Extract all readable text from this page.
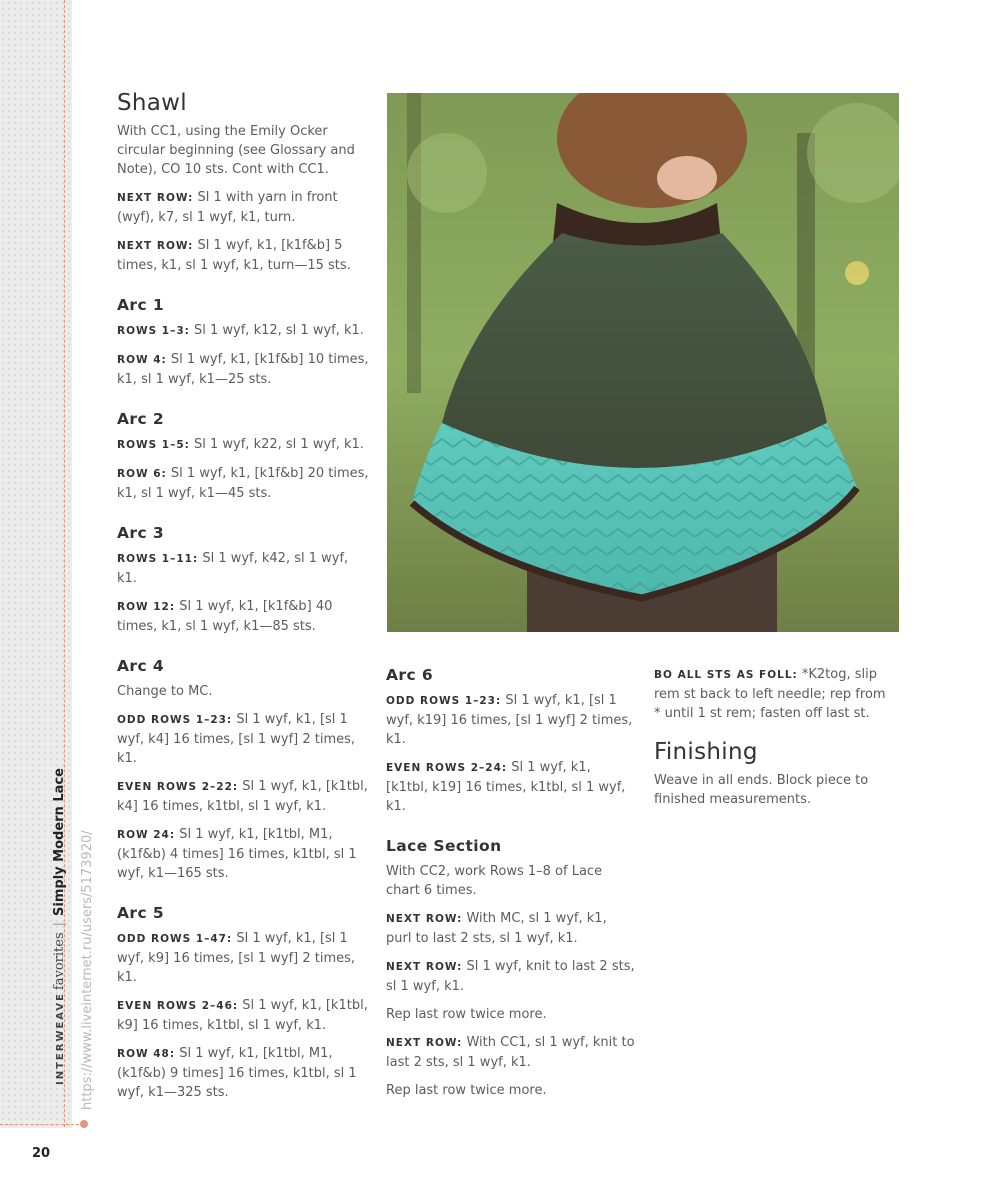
INTERWEAVEfavorites|Simply Modern Lace https://www.liveinternet.ru/users/5173920/
20
Shawl

With CC1, using the Emily Ocker circular beginning (see Glossary and Note), CO 10 sts. Cont with CC1.

NEXT ROW: Sl 1 with yarn in front (wyf), k7, sl 1 wyf, k1, turn.

NEXT ROW: Sl 1 wyf, k1, [k1f&b] 5 times, k1, sl 1 wyf, k1, turn—15 sts.

Arc 1

ROWS 1–3: Sl 1 wyf, k12, sl 1 wyf, k1.

ROW 4: Sl 1 wyf, k1, [k1f&b] 10 times, k1, sl 1 wyf, k1—25 sts.

Arc 2

ROWS 1–5: Sl 1 wyf, k22, sl 1 wyf, k1.

ROW 6: Sl 1 wyf, k1, [k1f&b] 20 times, k1, sl 1 wyf, k1—45 sts.

Arc 3

ROWS 1–11: Sl 1 wyf, k42, sl 1 wyf, k1.

ROW 12: Sl 1 wyf, k1, [k1f&b] 40 times, k1, sl 1 wyf, k1—85 sts.

Arc 4

Change to MC.

ODD ROWS 1–23: Sl 1 wyf, k1, [sl 1 wyf, k4] 16 times, [sl 1 wyf] 2 times, k1.

EVEN ROWS 2–22: Sl 1 wyf, k1, [k1tbl, k4] 16 times, k1tbl, sl 1 wyf, k1.

ROW 24: Sl 1 wyf, k1, [k1tbl, M1, (k1f&b) 4 times] 16 times, k1tbl, sl 1 wyf, k1—165 sts.

Arc 5

ODD ROWS 1–47: Sl 1 wyf, k1, [sl 1 wyf, k9] 16 times, [sl 1 wyf] 2 times, k1.

EVEN ROWS 2–46: Sl 1 wyf, k1, [k1tbl, k9] 16 times, k1tbl, sl 1 wyf, k1.

ROW 48: Sl 1 wyf, k1, [k1tbl, M1, (k1f&b) 9 times] 16 times, k1tbl, sl 1 wyf, k1—325 sts.

Arc 6

ODD ROWS 1–23: Sl 1 wyf, k1, [sl 1 wyf, k19] 16 times, [sl 1 wyf] 2 times, k1.

EVEN ROWS 2–24: Sl 1 wyf, k1, [k1tbl, k19] 16 times, k1tbl, sl 1 wyf, k1.

Lace Section

With CC2, work Rows 1–8 of Lace chart 6 times.

NEXT ROW: With MC, sl 1 wyf, k1, purl to last 2 sts, sl 1 wyf, k1.

NEXT ROW: Sl 1 wyf, knit to last 2 sts, sl 1 wyf, k1.

Rep last row twice more.

NEXT ROW: With CC1, sl 1 wyf, knit to last 2 sts, sl 1 wyf, k1.

Rep last row twice more.

BO ALL STS AS FOLL: *K2tog, slip rem st back to left needle; rep from * until 1 st rem; fasten off last st.

Finishing

Weave in all ends. Block piece to finished measurements.
